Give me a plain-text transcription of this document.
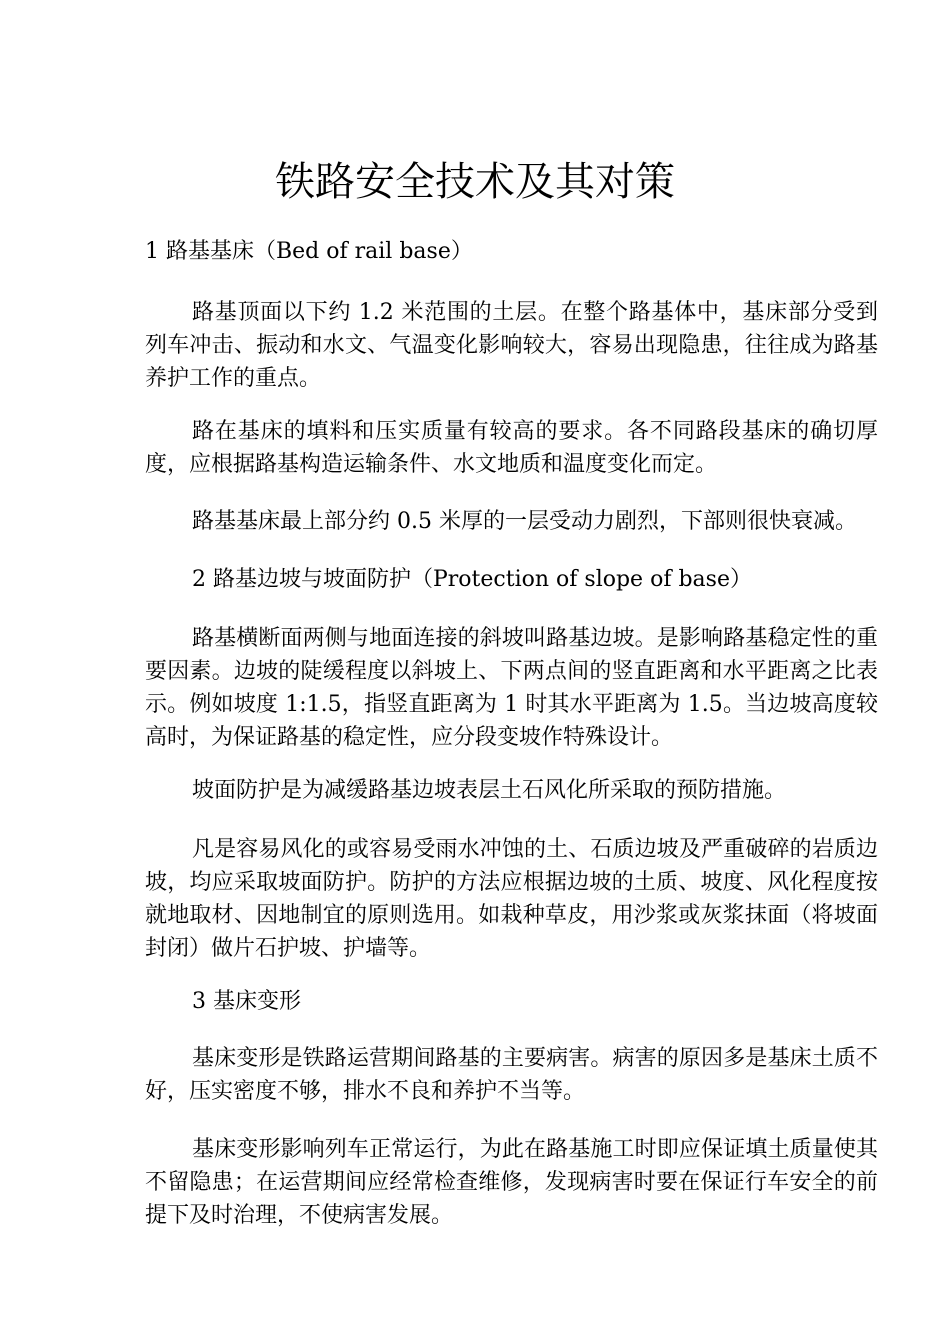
铁路安全技术及其对策

1 路基基床（Bed of rail base）

路基顶面以下约 1.2 米范围的土层。在整个路基体中，基床部分受到列车冲击、振动和水文、气温变化影响较大，容易出现隐患，往往成为路基养护工作的重点。

路在基床的填料和压实质量有较高的要求。各不同路段基床的确切厚度，应根据路基构造运输条件、水文地质和温度变化而定。

路基基床最上部分约 0.5 米厚的一层受动力剧烈，下部则很快衰减。

2 路基边坡与坡面防护（Protection of slope of base）

路基横断面两侧与地面连接的斜坡叫路基边坡。是影响路基稳定性的重要因素。边坡的陡缓程度以斜坡上、下两点间的竖直距离和水平距离之比表示。例如坡度 1:1.5，指竖直距离为 1 时其水平距离为 1.5。当边坡高度较高时，为保证路基的稳定性，应分段变坡作特殊设计。

坡面防护是为减缓路基边坡表层土石风化所采取的预防措施。

凡是容易风化的或容易受雨水冲蚀的土、石质边坡及严重破碎的岩质边坡，均应采取坡面防护。防护的方法应根据边坡的土质、坡度、风化程度按就地取材、因地制宜的原则选用。如栽种草皮，用沙浆或灰浆抹面（将坡面封闭）做片石护坡、护墙等。

3 基床变形

基床变形是铁路运营期间路基的主要病害。病害的原因多是基床土质不好，压实密度不够，排水不良和养护不当等。

基床变形影响列车正常运行，为此在路基施工时即应保证填土质量使其不留隐患；在运营期间应经常检查维修，发现病害时要在保证行车安全的前提下及时治理，不使病害发展。
